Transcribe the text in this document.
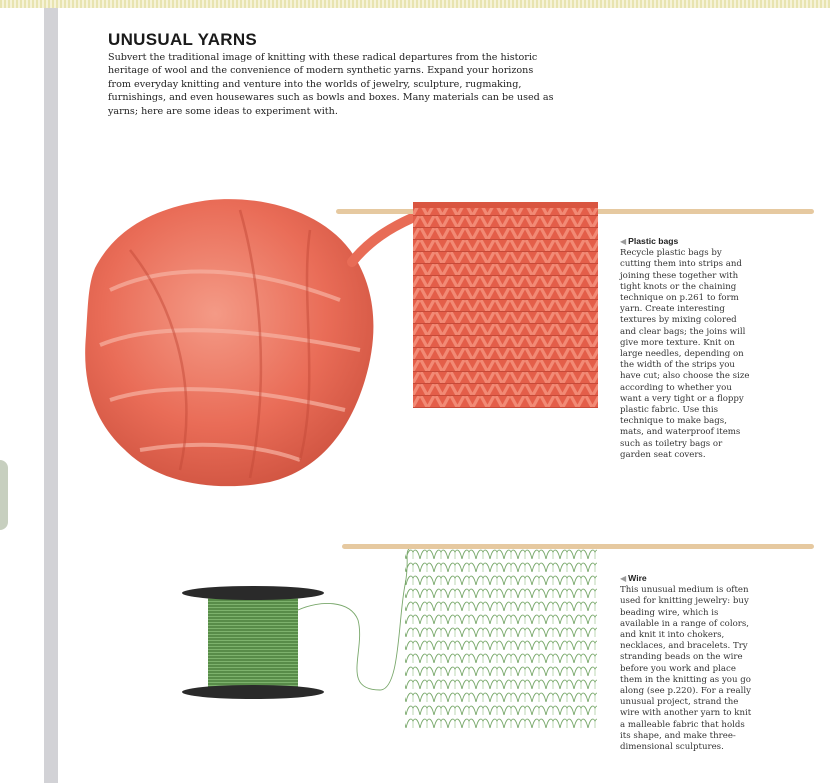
UNUSUAL YARNS

Subvert the traditional image of knitting with these radical departures from the historic heritage of wool and the convenience of modern synthetic yarns. Expand your horizons from everyday knitting and venture into the worlds of jewelry, sculpture, rugmaking, furnishings, and even housewares such as bowls and boxes. Many materials can be used as yarns; here are some ideas to experiment with.

◀ Plastic bags
Recycle plastic bags by cutting them into strips and joining these together with tight knots or the chaining technique on p.261 to form yarn. Create interesting textures by mixing colored and clear bags; the joins will give more texture. Knit on large needles, depending on the width of the strips you have cut; also choose the size according to whether you want a very tight or a floppy plastic fabric. Use this technique to make bags, mats, and waterproof items such as toiletry bags or garden seat covers.
◀ Wire
This unusual medium is often used for knitting jewelry: buy beading wire, which is available in a range of colors, and knit it into chokers, necklaces, and bracelets. Try stranding beads on the wire before you work and place them in the knitting as you go along (see p.220). For a really unusual project, strand the wire with another yarn to knit a malleable fabric that holds its shape, and make three-dimensional sculptures.
